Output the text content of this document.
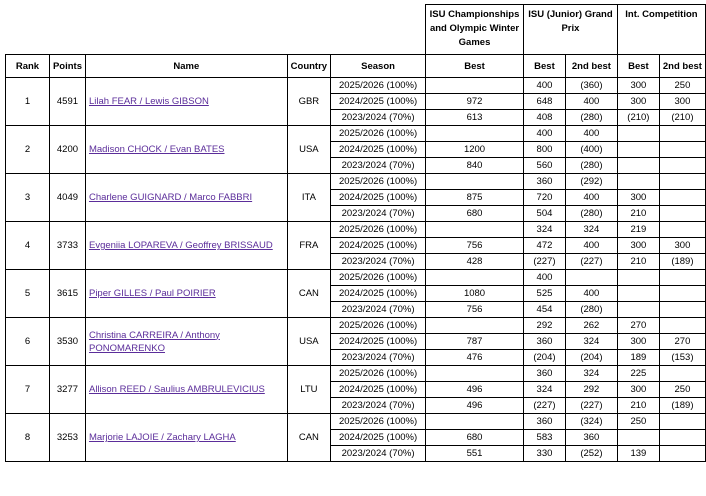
					ISU Championships and Olympic Winter Games	ISU (Junior) Grand Prix		Int. Competition	
Rank	Points	Name	Country	Season	Best	Best	2nd best	Best	2nd best
1	4591	Lilah FEAR / Lewis GIBSON	GBR	2025/2026 (100%)		400	(360)	300	250
				2024/2025 (100%)	972	648	400	300	300
				2023/2024 (70%)	613	408	(280)	(210)	(210)
2	4200	Madison CHOCK / Evan BATES	USA	2025/2026 (100%)		400	400		
				2024/2025 (100%)	1200	800	(400)		
				2023/2024 (70%)	840	560	(280)		
3	4049	Charlene GUIGNARD / Marco FABBRI	ITA	2025/2026 (100%)		360	(292)		
				2024/2025 (100%)	875	720	400	300	
				2023/2024 (70%)	680	504	(280)	210	
4	3733	Evgeniia LOPAREVA / Geoffrey BRISSAUD	FRA	2025/2026 (100%)		324	324	219	
				2024/2025 (100%)	756	472	400	300	300
				2023/2024 (70%)	428	(227)	(227)	210	(189)
5	3615	Piper GILLES / Paul POIRIER	CAN	2025/2026 (100%)		400			
				2024/2025 (100%)	1080	525	400		
				2023/2024 (70%)	756	454	(280)		
6	3530	Christina CARREIRA / Anthony PONOMARENKO	USA	2025/2026 (100%)		292	262	270	
				2024/2025 (100%)	787	360	324	300	270
				2023/2024 (70%)	476	(204)	(204)	189	(153)
7	3277	Allison REED / Saulius AMBRULEVICIUS	LTU	2025/2026 (100%)		360	324	225	
				2024/2025 (100%)	496	324	292	300	250
				2023/2024 (70%)	496	(227)	(227)	210	(189)
8	3253	Marjorie LAJOIE / Zachary LAGHA	CAN	2025/2026 (100%)		360	(324)	250	
				2024/2025 (100%)	680	583	360		
				2023/2024 (70%)	551	330	(252)	139	
